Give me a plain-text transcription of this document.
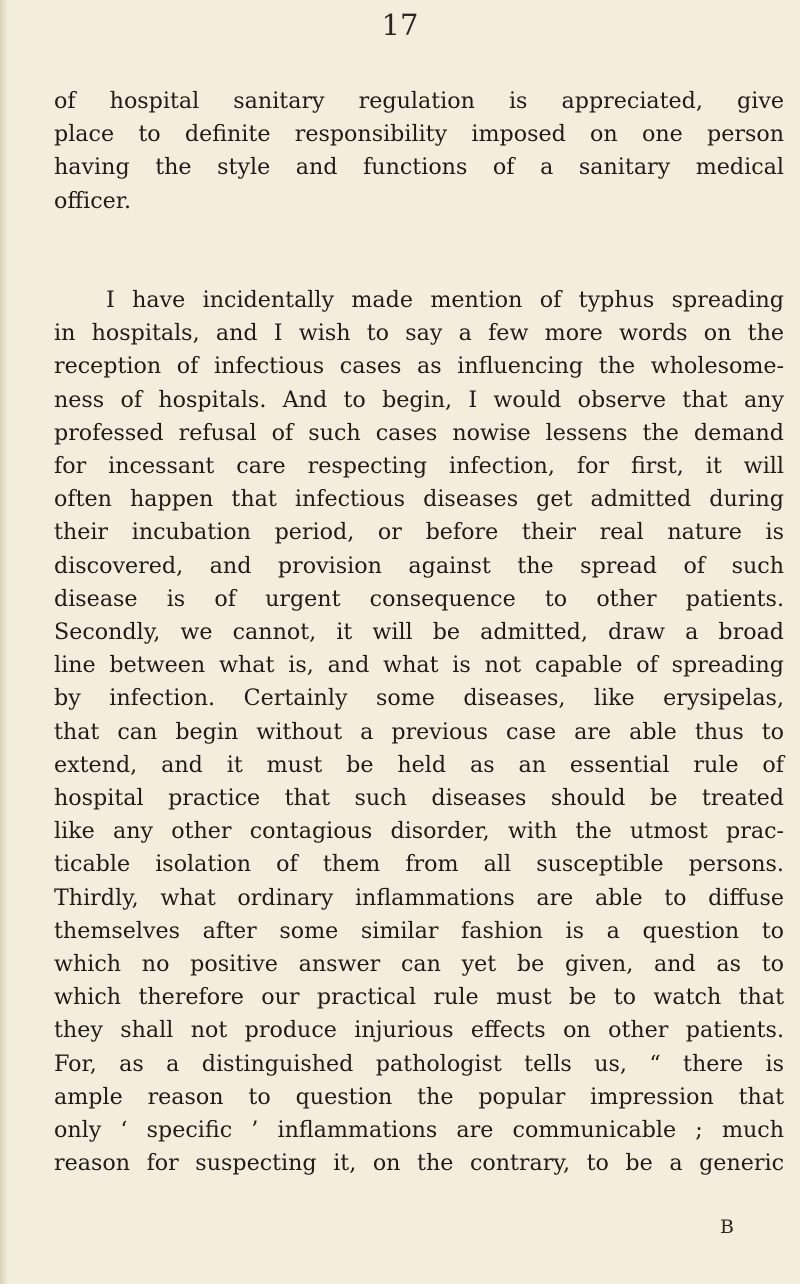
17
of hospital sanitary regulation is appreciated, give
place to definite responsibility imposed on one person
having the style and functions of a sanitary medical
officer.
I have incidentally made mention of typhus spreading
in hospitals, and I wish to say a few more words on the
reception of infectious cases as influencing the wholesome-
ness of hospitals. And to begin, I would observe that any
professed refusal of such cases nowise lessens the demand
for incessant care respecting infection, for first, it will
often happen that infectious diseases get admitted during
their incubation period, or before their real nature is
discovered, and provision against the spread of such
disease is of urgent consequence to other patients.
Secondly, we cannot, it will be admitted, draw a broad
line between what is, and what is not capable of spreading
by infection. Certainly some diseases, like erysipelas,
that can begin without a previous case are able thus to
extend, and it must be held as an essential rule of
hospital practice that such diseases should be treated
like any other contagious disorder, with the utmost prac-
ticable isolation of them from all susceptible persons.
Thirdly, what ordinary inflammations are able to diffuse
themselves after some similar fashion is a question to
which no positive answer can yet be given, and as to
which therefore our practical rule must be to watch that
they shall not produce injurious effects on other patients.
For, as a distinguished pathologist tells us, “ there is
ample reason to question the popular impression that
only ‘ specific ’ inflammations are communicable ; much
reason for suspecting it, on the contrary, to be a generic
B
